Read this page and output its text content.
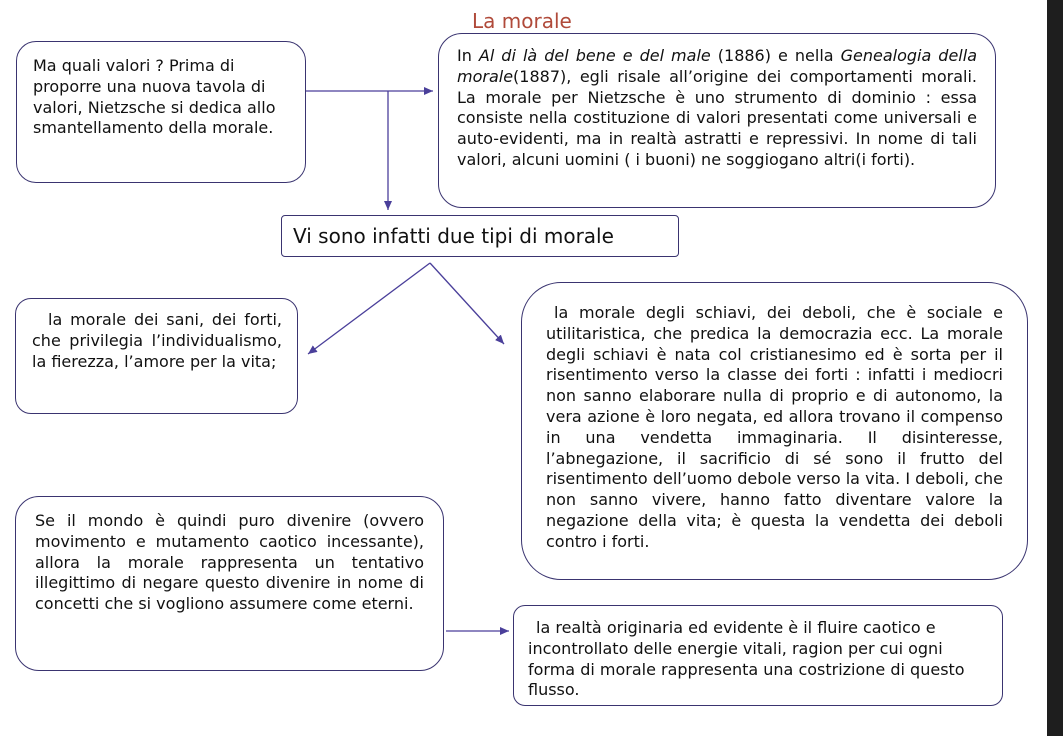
La morale
Ma quali valori ? Prima di proporre una nuova tavola di valori, Nietzsche si dedica allo smantellamento della morale.
In Al di là del bene e del male (1886) e nella Genealogia della morale(1887), egli risale all’origine dei comportamenti morali. La morale per Nietzsche è uno strumento di dominio : essa consiste nella costituzione di valori presentati come universali e auto-evidenti, ma in realtà astratti e repressivi. In nome di tali valori, alcuni uomini ( i buoni) ne soggiogano altri(i forti).
Vi sono infatti due tipi di morale
la morale dei sani, dei forti, che privilegia l’individualismo, la fierezza, l’amore per la vita;
la morale degli schiavi, dei deboli, che è sociale e utilitaristica, che predica la democrazia ecc. La morale degli schiavi è nata col cristianesimo ed è sorta per il risentimento verso la classe dei forti : infatti i mediocri non sanno elaborare nulla di proprio e di autonomo, la vera azione è loro negata, ed allora trovano il compenso in una vendetta immaginaria. Il disinteresse, l’abnegazione, il sacrificio di sé sono il frutto del risentimento dell’uomo debole verso la vita. I deboli, che non sanno vivere, hanno fatto diventare valore la negazione della vita; è questa la vendetta dei deboli contro i forti.
Se il mondo è quindi puro divenire (ovvero movimento e mutamento caotico incessante), allora la morale rappresenta un tentativo illegittimo di negare questo divenire in nome di concetti che si vogliono assumere come eterni.
la realtà originaria ed evidente è il fluire caotico e incontrollato delle energie vitali, ragion per cui ogni forma di morale rappresenta una costrizione di questo flusso.
